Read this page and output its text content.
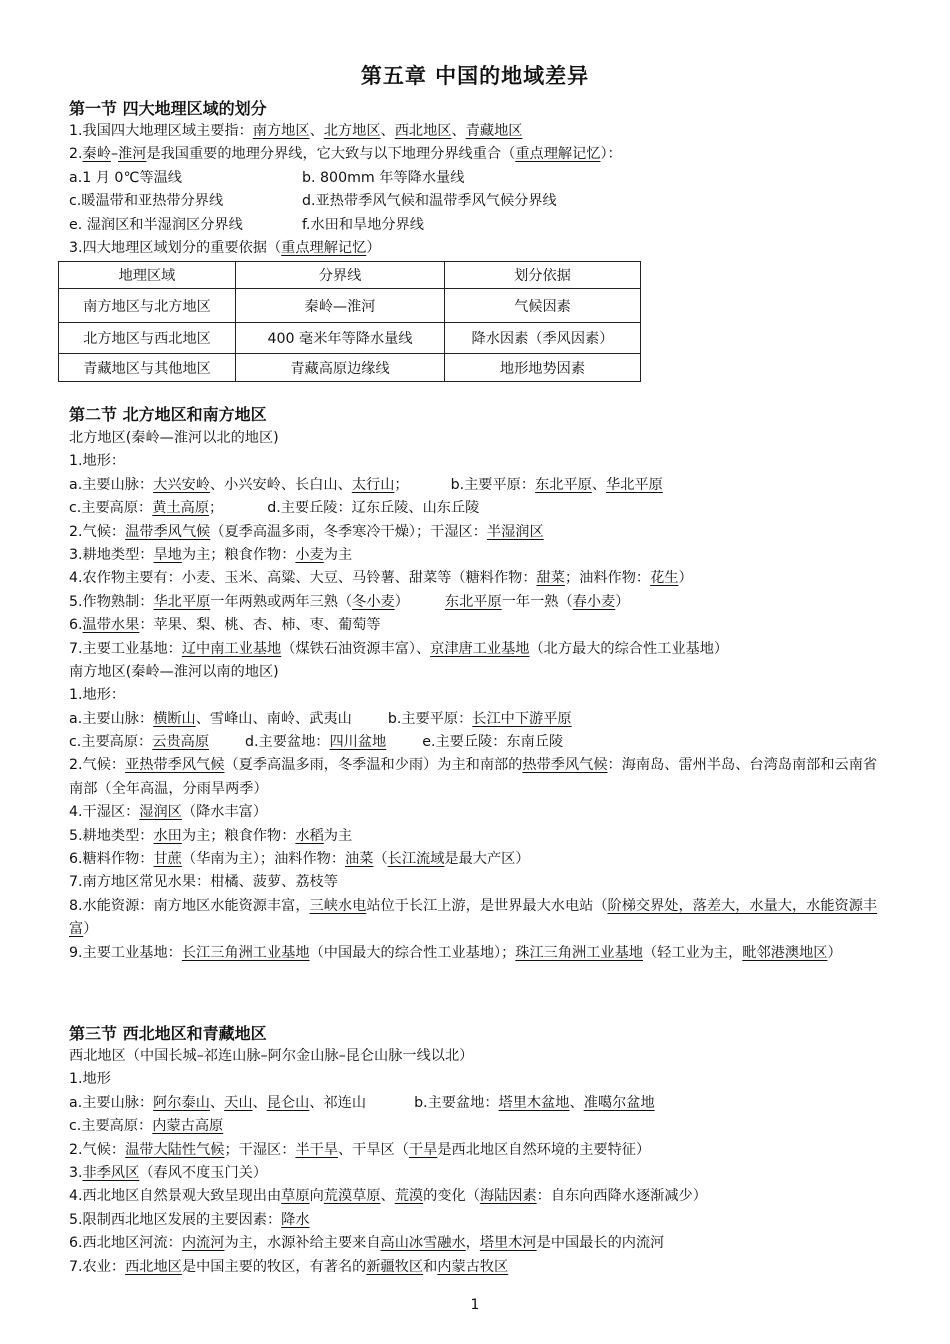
第五章 中国的地域差异
第一节 四大地理区域的划分
1.我国四大地理区域主要指：南方地区、北方地区、西北地区、青藏地区
2.秦岭–淮河是我国重要的地理分界线，它大致与以下地理分界线重合（重点理解记忆）：
a.1 月 0℃等温线	b. 800mm 年等降水量线
c.暖温带和亚热带分界线	d.亚热带季风气候和温带季风气候分界线
e. 湿润区和半湿润区分界线	f.水田和旱地分界线
3.四大地理区域划分的重要依据（重点理解记忆）
地理区域	分界线	划分依据
南方地区与北方地区	秦岭—淮河	气候因素
北方地区与西北地区	400 毫米年等降水量线	降水因素（季风因素）
青藏地区与其他地区	青藏高原边缘线	地形地势因素
第二节 北方地区和南方地区
北方地区(秦岭—淮河以北的地区)
1.地形：
a.主要山脉：大兴安岭、小兴安岭、长白山、太行山；	b.主要平原：东北平原、华北平原
c.主要高原：黄土高原；	d.主要丘陵：辽东丘陵、山东丘陵
2.气候：温带季风气候（夏季高温多雨，冬季寒冷干燥）；干湿区：半湿润区
3.耕地类型：旱地为主；粮食作物：小麦为主
4.农作物主要有：小麦、玉米、高粱、大豆、马铃薯、甜菜等（糖料作物：甜菜；油料作物：花生）
5.作物熟制：华北平原一年两熟或两年三熟（冬小麦）	东北平原一年一熟（春小麦）
6.温带水果：苹果、梨、桃、杏、柿、枣、葡萄等
7.主要工业基地：辽中南工业基地（煤铁石油资源丰富）、京津唐工业基地（北方最大的综合性工业基地）
南方地区(秦岭—淮河以南的地区)
1.地形：
a.主要山脉：横断山、雪峰山、南岭、武夷山	b.主要平原：长江中下游平原
c.主要高原：云贵高原	d.主要盆地：四川盆地	e.主要丘陵：东南丘陵
2.气候：亚热带季风气候（夏季高温多雨，冬季温和少雨）为主和南部的热带季风气候：海南岛、雷州半岛、台湾岛南部和云南省南部（全年高温，分雨旱两季）
4.干湿区：湿润区（降水丰富）
5.耕地类型：水田为主；粮食作物：水稻为主
6.糖料作物：甘蔗（华南为主）；油料作物：油菜（长江流域是最大产区）
7.南方地区常见水果：柑橘、菠萝、荔枝等
8.水能资源：南方地区水能资源丰富，三峡水电站位于长江上游，是世界最大水电站（阶梯交界处，落差大，水量大，水能资源丰富）
9.主要工业基地：长江三角洲工业基地（中国最大的综合性工业基地）；珠江三角洲工业基地（轻工业为主，毗邻港澳地区）
第三节 西北地区和青藏地区
西北地区（中国长城–祁连山脉–阿尔金山脉–昆仑山脉一线以北）
1.地形
a.主要山脉：阿尔泰山、天山、昆仑山、祁连山	b.主要盆地：塔里木盆地、准噶尔盆地
c.主要高原：内蒙古高原
2.气候：温带大陆性气候；干湿区：半干旱、干旱区（干旱是西北地区自然环境的主要特征）
3.非季风区（春风不度玉门关）
4.西北地区自然景观大致呈现出由草原向荒漠草原、荒漠的变化（海陆因素：自东向西降水逐渐减少）
5.限制西北地区发展的主要因素：降水
6.西北地区河流：内流河为主，水源补给主要来自高山冰雪融水，塔里木河是中国最长的内流河
7.农业：西北地区是中国主要的牧区，有著名的新疆牧区和内蒙古牧区
1
